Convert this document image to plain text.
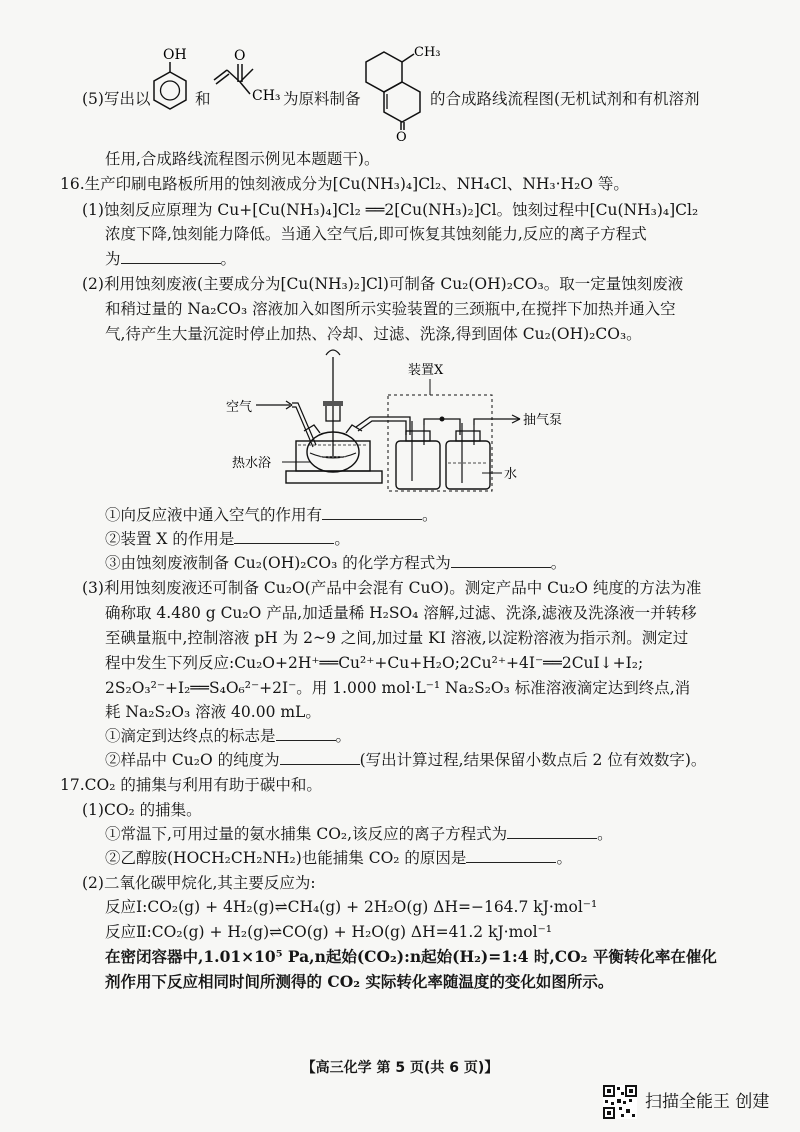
(5)写出以
OH
和
O
CH₃ 为原料制备
CH₃
O
的合成路线流程图(无机试剂和有机溶剂
任用,合成路线流程图示例见本题题干)。
16.生产印刷电路板所用的蚀刻液成分为[Cu(NH₃)₄]Cl₂、NH₄Cl、NH₃·H₂O 等。
(1)蚀刻反应原理为 Cu+[Cu(NH₃)₄]Cl₂ ══2[Cu(NH₃)₂]Cl。蚀刻过程中[Cu(NH₃)₄]Cl₂
浓度下降,蚀刻能力降低。当通入空气后,即可恢复其蚀刻能力,反应的离子方程式
为	。
(2)利用蚀刻废液(主要成分为[Cu(NH₃)₂]Cl)可制备 Cu₂(OH)₂CO₃。取一定量蚀刻废液
和稍过量的 Na₂CO₃ 溶液加入如图所示实验装置的三颈瓶中,在搅拌下加热并通入空
气,待产生大量沉淀时停止加热、冷却、过滤、洗涤,得到固体 Cu₂(OH)₂CO₃。
空气
热水浴
装置X
抽气泵
水
①向反应液中通入空气的作用有	。
②装置 X 的作用是	。
③由蚀刻废液制备 Cu₂(OH)₂CO₃ 的化学方程式为	。
(3)利用蚀刻废液还可制备 Cu₂O(产品中会混有 CuO)。测定产品中 Cu₂O 纯度的方法为准
确称取 4.480 g Cu₂O 产品,加适量稀 H₂SO₄ 溶解,过滤、洗涤,滤液及洗涤液一并转移
至碘量瓶中,控制溶液 pH 为 2~9 之间,加过量 KI 溶液,以淀粉溶液为指示剂。测定过
程中发生下列反应:Cu₂O+2H⁺══Cu²⁺+Cu+H₂O;2Cu²⁺+4I⁻══2CuI↓+I₂;
2S₂O₃²⁻+I₂══S₄O₆²⁻+2I⁻。用 1.000 mol·L⁻¹ Na₂S₂O₃ 标准溶液滴定达到终点,消
耗 Na₂S₂O₃ 溶液 40.00 mL。
①滴定到达终点的标志是	。
②样品中 Cu₂O 的纯度为	(写出计算过程,结果保留小数点后 2 位有效数字)。
17.CO₂ 的捕集与利用有助于碳中和。
(1)CO₂ 的捕集。
①常温下,可用过量的氨水捕集 CO₂,该反应的离子方程式为	。
②乙醇胺(HOCH₂CH₂NH₂)也能捕集 CO₂ 的原因是	。
(2)二氧化碳甲烷化,其主要反应为:
反应Ⅰ:CO₂(g) + 4H₂(g)⇌CH₄(g) + 2H₂O(g) ΔH=−164.7 kJ·mol⁻¹
反应Ⅱ:CO₂(g) + H₂(g)⇌CO(g) + H₂O(g) ΔH=41.2 kJ·mol⁻¹
在密闭容器中,1.01×10⁵ Pa,n起始(CO₂):n起始(H₂)=1:4 时,CO₂ 平衡转化率在催化
剂作用下反应相同时间所测得的 CO₂ 实际转化率随温度的变化如图所示。
【高三化学 第 5 页(共 6 页)】
扫描全能王 创建
